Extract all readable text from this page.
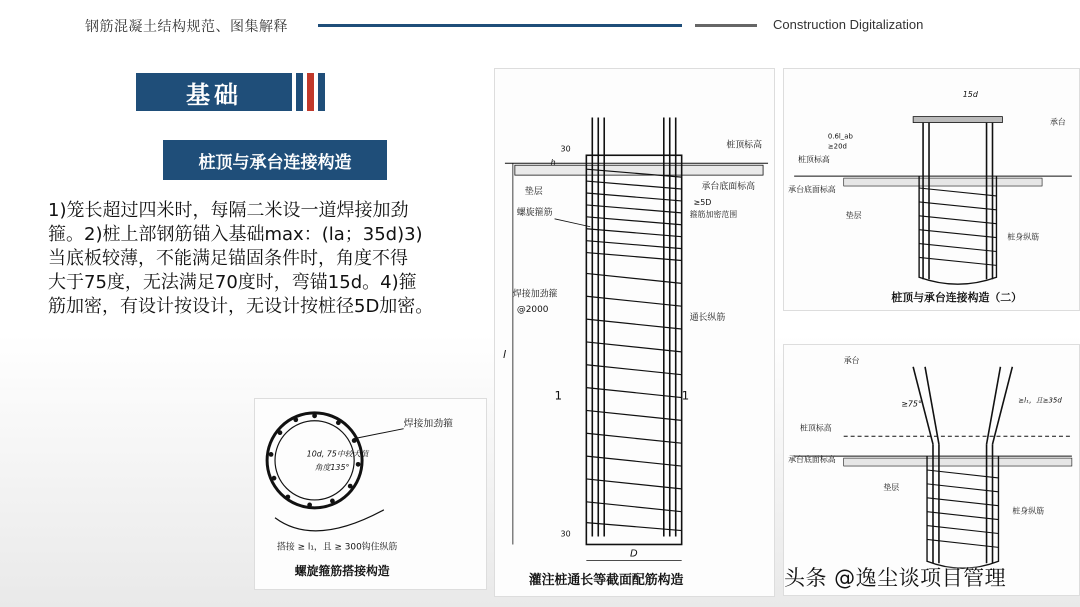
钢筋混凝土结构规范、图集解释	Construction Digitalization
基础
桩顶与承台连接构造
1)笼长超过四米时，每隔二米设一道焊接加劲
箍。2)桩上部钢筋锚入基础max：(la；35d)3)
当底板较薄，不能满足锚固条件时，角度不得
大于75度，无法满足70度时，弯锚15d。4)箍
筋加密，有设计按设计，无设计按桩径5D加密。
焊接加劲箍
10d, 75中较大值
角度135°
搭接 ≥ l₁，且 ≥ 300钩住纵筋
螺旋箍筋搭接构造
l
D
桩顶标高
承台底面标高
垫层
螺旋箍筋
焊接加劲箍
@2000
通长纵筋
箍筋加密范围
≥5D
1	1
30
h
30
灌注桩通长等截面配筋构造
15d
0.6l_ab
≥20d
桩顶标高
承台底面标高
垫层
桩身纵筋
承台
桩顶与承台连接构造（二）
承台
≥75°	≥l₁，且≥35d
桩顶标高
承台底面标高
垫层
桩身纵筋
头条 @逸尘谈项目管理
